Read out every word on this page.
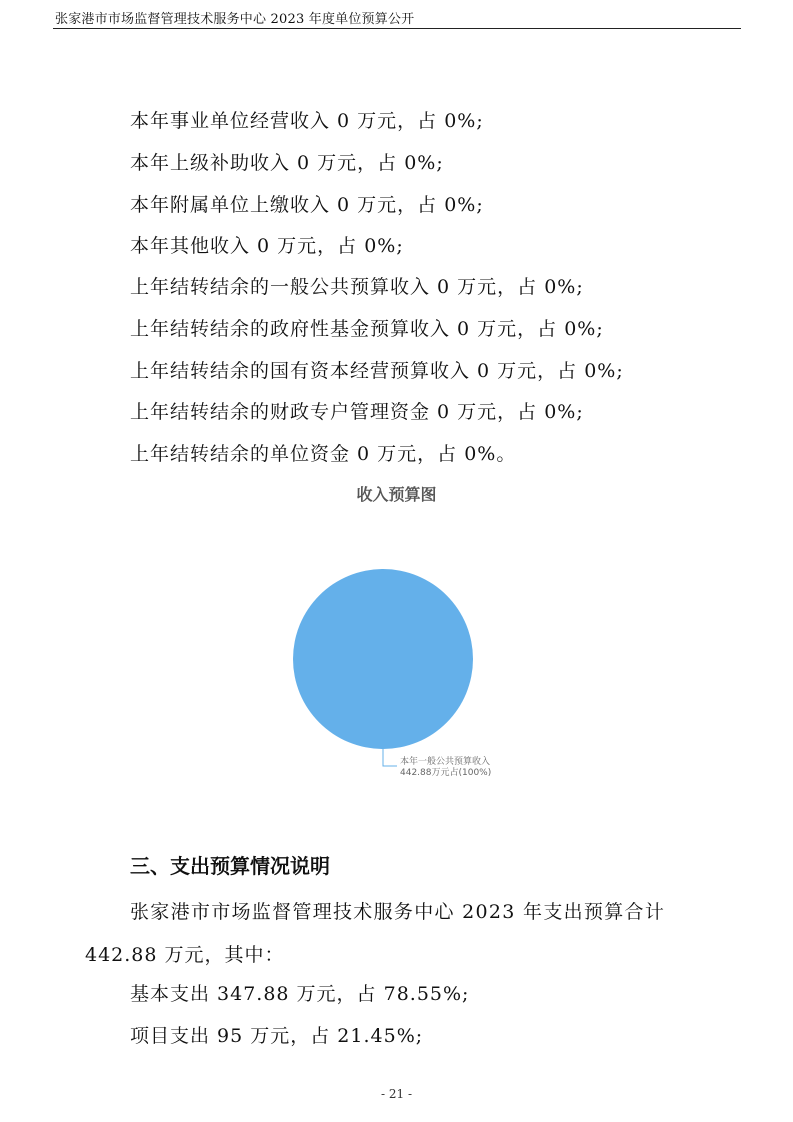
张家港市市场监督管理技术服务中心 2023 年度单位预算公开
本年事业单位经营收入 0 万元，占 0%;
本年上级补助收入 0 万元，占 0%;
本年附属单位上缴收入 0 万元，占 0%;
本年其他收入 0 万元，占 0%;
上年结转结余的一般公共预算收入 0 万元，占 0%;
上年结转结余的政府性基金预算收入 0 万元，占 0%;
上年结转结余的国有资本经营预算收入 0 万元，占 0%;
上年结转结余的财政专户管理资金 0 万元，占 0%;
上年结转结余的单位资金 0 万元，占 0%。
收入预算图
本年一般公共预算收入
442.88万元占(100%)
三、支出预算情况说明
张家港市市场监督管理技术服务中心 2023 年支出预算合计
442.88 万元，其中：
基本支出 347.88 万元，占 78.55%;
项目支出 95 万元，占 21.45%;
- 21 -
